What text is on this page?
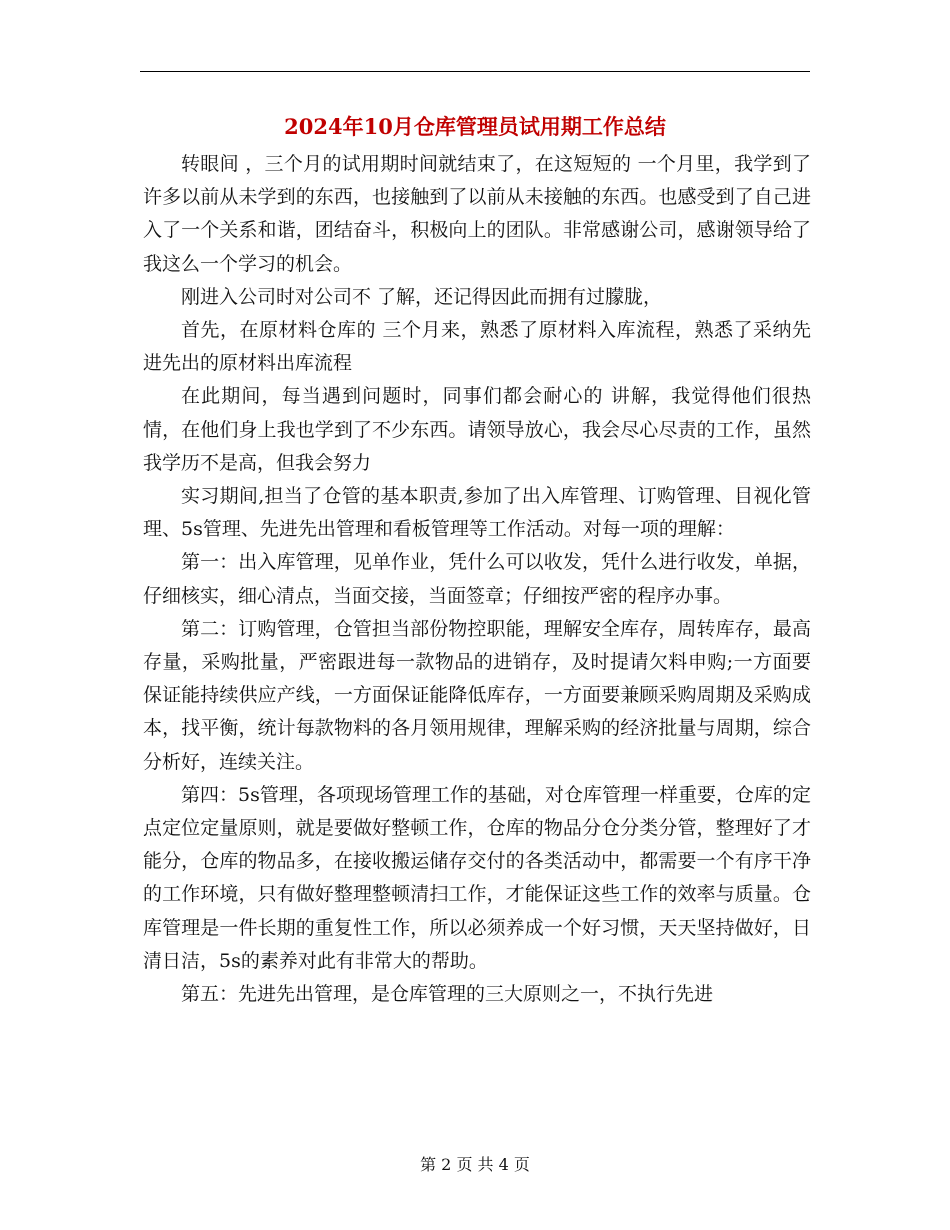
2024年10月仓库管理员试用期工作总结

转眼间 ，三个月的试用期时间就结束了，在这短短的 一个月里，我学到了许多以前从未学到的东西，也接触到了以前从未接触的东西。也感受到了自己进入了一个关系和谐，团结奋斗，积极向上的团队。非常感谢公司，感谢领导给了我这么一个学习的机会。

刚进入公司时对公司不 了解，还记得因此而拥有过朦胧，

首先，在原材料仓库的 三个月来，熟悉了原材料入库流程，熟悉了采纳先进先出的原材料出库流程

在此期间，每当遇到问题时，同事们都会耐心的 讲解，我觉得他们很热情，在他们身上我也学到了不少东西。请领导放心，我会尽心尽责的工作，虽然我学历不是高，但我会努力

实习期间,担当了仓管的基本职责,参加了出入库管理、订购管理、目视化管理、5s管理、先进先出管理和看板管理等工作活动。对每一项的理解：

第一：出入库管理，见单作业，凭什么可以收发，凭什么进行收发，单据，仔细核实，细心清点，当面交接，当面签章；仔细按严密的程序办事。

第二：订购管理，仓管担当部份物控职能，理解安全库存，周转库存，最高存量，采购批量，严密跟进每一款物品的进销存，及时提请欠料申购;一方面要保证能持续供应产线，一方面保证能降低库存，一方面要兼顾采购周期及采购成本，找平衡，统计每款物料的各月领用规律，理解采购的经济批量与周期，综合分析好，连续关注。

第四：5s管理，各项现场管理工作的基础，对仓库管理一样重要，仓库的定点定位定量原则，就是要做好整顿工作，仓库的物品分仓分类分管，整理好了才能分，仓库的物品多，在接收搬运储存交付的各类活动中，都需要一个有序干净的工作环境，只有做好整理整顿清扫工作，才能保证这些工作的效率与质量。仓库管理是一件长期的重复性工作，所以必须养成一个好习惯，天天坚持做好，日清日洁，5s的素养对此有非常大的帮助。

第五：先进先出管理，是仓库管理的三大原则之一，不执行先进

第 2 页 共 4 页
